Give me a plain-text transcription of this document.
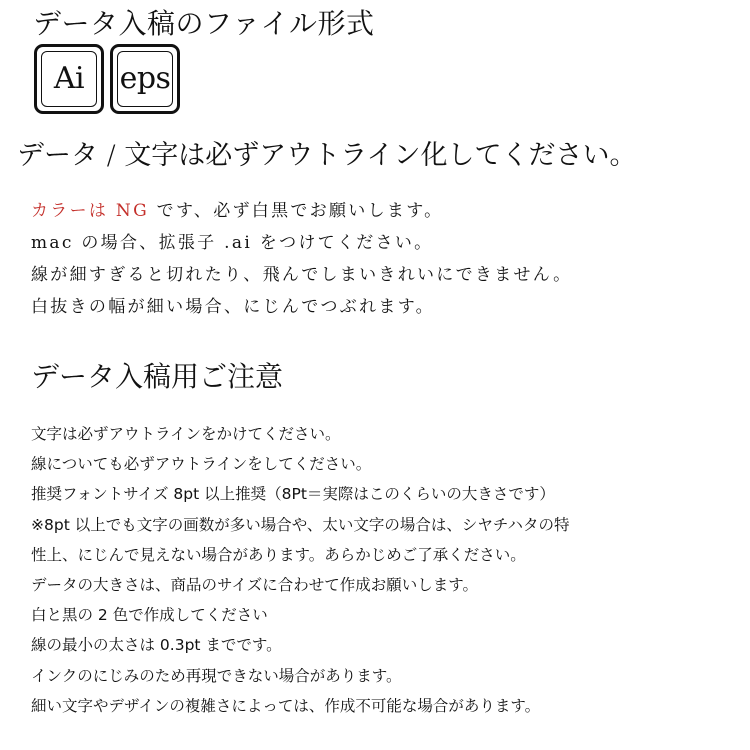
データ入稿のファイル形式
Ai	eps
データ / 文字は必ずアウトライン化してください。
カラーは NG です、必ず白黒でお願いします。
mac の場合、拡張子 .ai をつけてください。
線が細すぎると切れたり、飛んでしまいきれいにできません。
白抜きの幅が細い場合、にじんでつぶれます。
データ入稿用ご注意
文字は必ずアウトラインをかけてください。
線についても必ずアウトラインをしてください。
推奨フォントサイズ 8pt 以上推奨（8Pt＝実際はこのくらいの大きさです）
※8pt 以上でも文字の画数が多い場合や、太い文字の場合は、シヤチハタの特
性上、にじんで見えない場合があります。あらかじめご了承ください。
データの大きさは、商品のサイズに合わせて作成お願いします。
白と黒の 2 色で作成してください
線の最小の太さは 0.3pt までです。
インクのにじみのため再現できない場合があります。
細い文字やデザインの複雑さによっては、作成不可能な場合があります。
